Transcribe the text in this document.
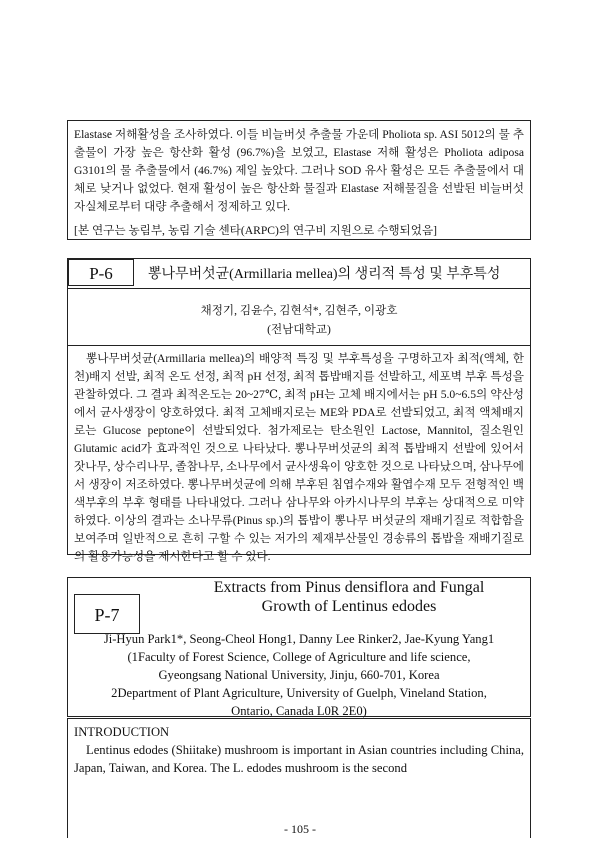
Elastase 저해활성을 조사하였다. 이들 비늘버섯 추출물 가운데 Pholiota sp. ASI 5012의 물 추출물이 가장 높은 항산화 활성 (96.7%)을 보였고, Elastase 저해 활성은 Pholiota adiposa G3101의 물 추출물에서 (46.7%) 제일 높았다. 그러나 SOD 유사 활성은 모든 추출물에서 대체로 낮거나 없었다. 현재 활성이 높은 항산화 물질과 Elastase 저해물질을 선발된 비늘버섯 자실체로부터 대량 추출해서 정제하고 있다.

[본 연구는 농림부, 농림 기술 센타(ARPC)의 연구비 지원으로 수행되었음]

P-6	뽕나무버섯균(Armillaria mellea)의 생리적 특성 및 부후특성
채정기, 김윤수, 김현석*, 김현주, 이광호
(전남대학교)

뽕나무버섯균(Armillaria mellea)의 배양적 특징 및 부후특성을 구명하고자 최적(액체, 한천)배지 선발, 최적 온도 선정, 최적 pH 선정, 최적 톱밥배지를 선발하고, 세포벽 부후 특성을 관찰하였다. 그 결과 최적온도는 20~27℃, 최적 pH는 고체 배지에서는 pH 5.0~6.5의 약산성에서 균사생장이 양호하였다. 최적 고체배지로는 ME와 PDA로 선발되었고, 최적 액체배지로는 Glucose peptone이 선발되었다. 첨가제로는 탄소원인 Lactose, Mannitol, 질소원인 Glutamic acid가 효과적인 것으로 나타났다. 뽕나무버섯균의 최적 톱밥배지 선발에 있어서 잣나무, 상수리나무, 졸참나무, 소나무에서 균사생육이 양호한 것으로 나타났으며, 삼나무에서 생장이 저조하였다. 뽕나무버섯균에 의해 부후된 침엽수재와 활엽수재 모두 전형적인 백색부후의 부후 형태를 나타내었다. 그러나 삼나무와 아카시나무의 부후는 상대적으로 미약하였다. 이상의 결과는 소나무류(Pinus sp.)의 톱밥이 뽕나무 버섯균의 재배기질로 적합함을 보여주며 일반적으로 흔히 구할 수 있는 저가의 제재부산물인 경송류의 톱밥을 재배기질로의 활용가능성을 제시한다고 할 수 있다.

P-7
Extracts from Pinus densiflora and Fungal
Growth of Lentinus edodes
Ji-Hyun Park1*, Seong-Cheol Hong1, Danny Lee Rinker2, Jae-Kyung Yang1
(1Faculty of Forest Science, College of Agriculture and life science,
Gyeongsang National University, Jinju, 660-701, Korea
2Department of Plant Agriculture, University of Guelph, Vineland Station,
Ontario, Canada L0R 2E0)
INTRODUCTION

Lentinus edodes (Shiitake) mushroom is important in Asian countries including China, Japan, Taiwan, and Korea. The L. edodes mushroom is the second

- 105 -
